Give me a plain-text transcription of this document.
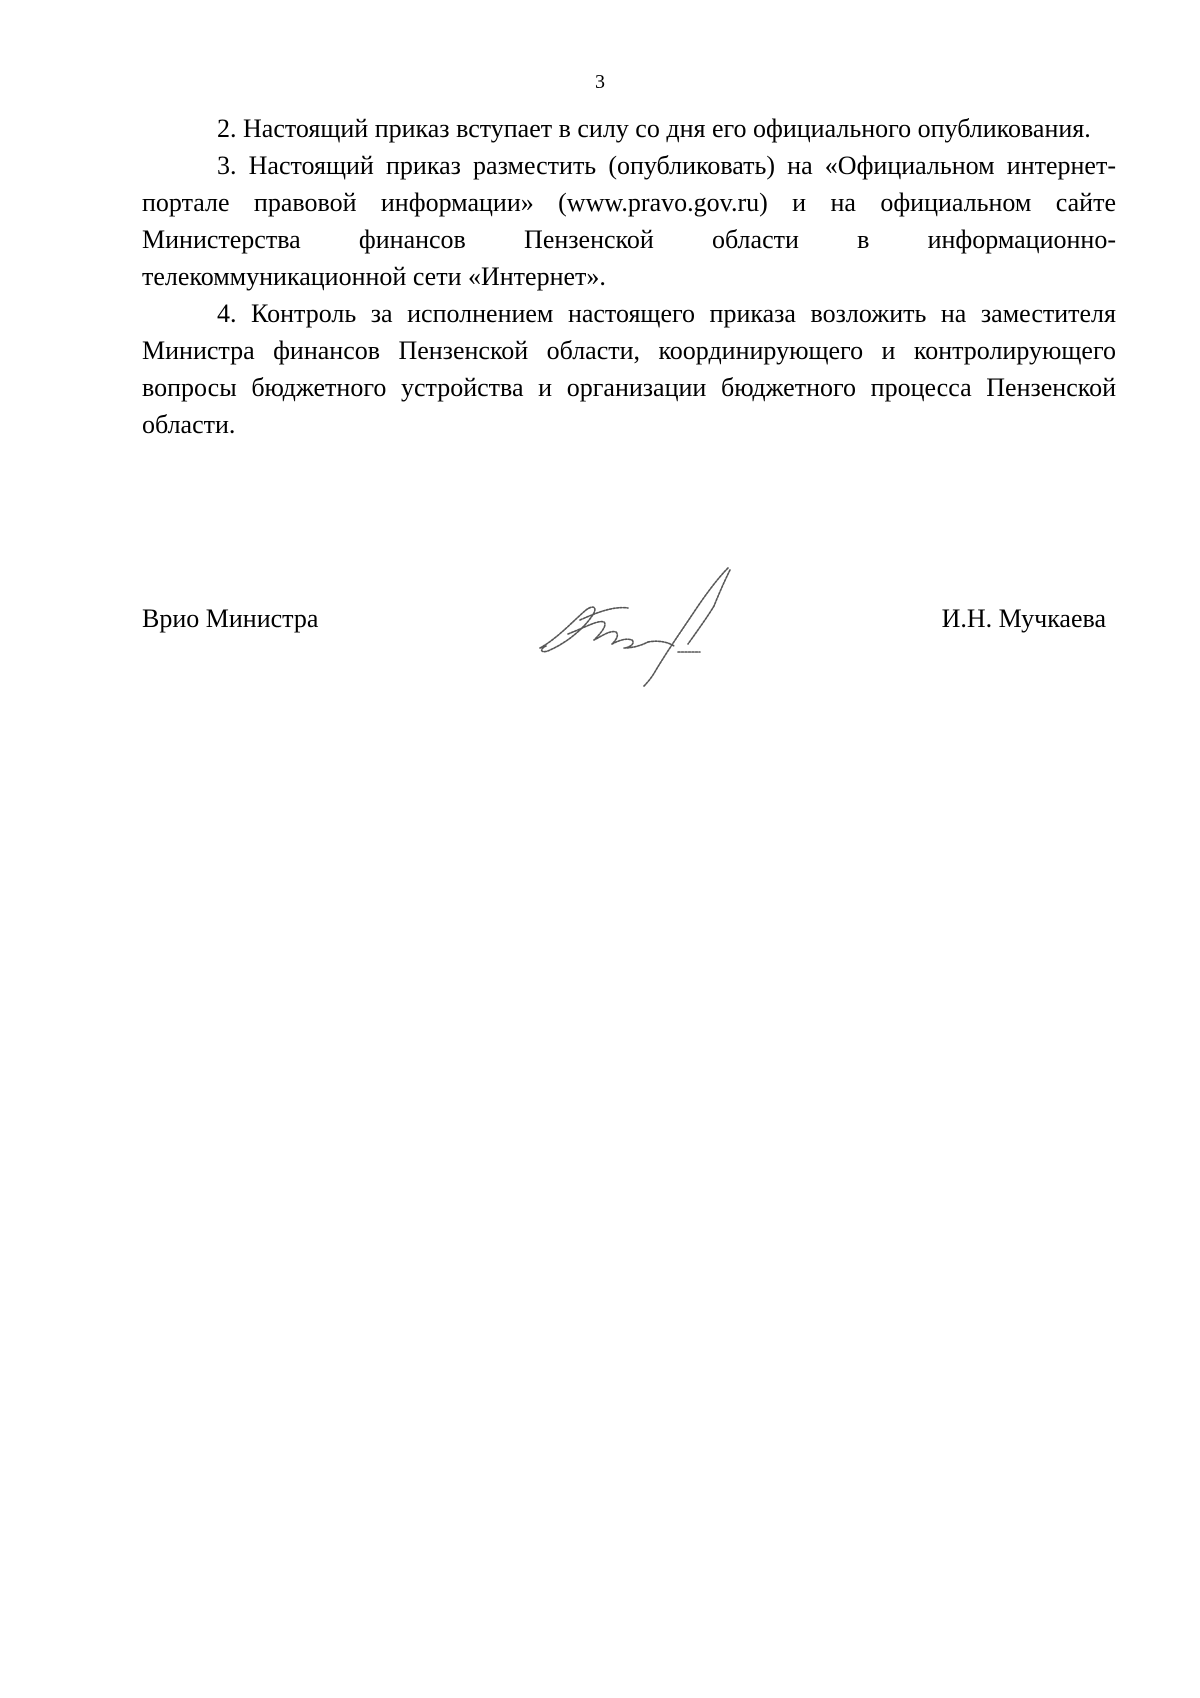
3

2. Настоящий приказ вступает в силу со дня его официального опубликования.

3. Настоящий приказ разместить (опубликовать) на «Официальном интернет-портале правовой информации» (www.pravo.gov.ru) и на официальном сайте Министерства финансов Пензенской области в информационно-телекоммуникационной сети «Интернет».

4. Контроль за исполнением настоящего приказа возложить на заместителя Министра финансов Пензенской области, координирующего и контролирующего вопросы бюджетного устройства и организации бюджетного процесса Пензенской области.

Врио Министра	И.Н. Мучкаева
